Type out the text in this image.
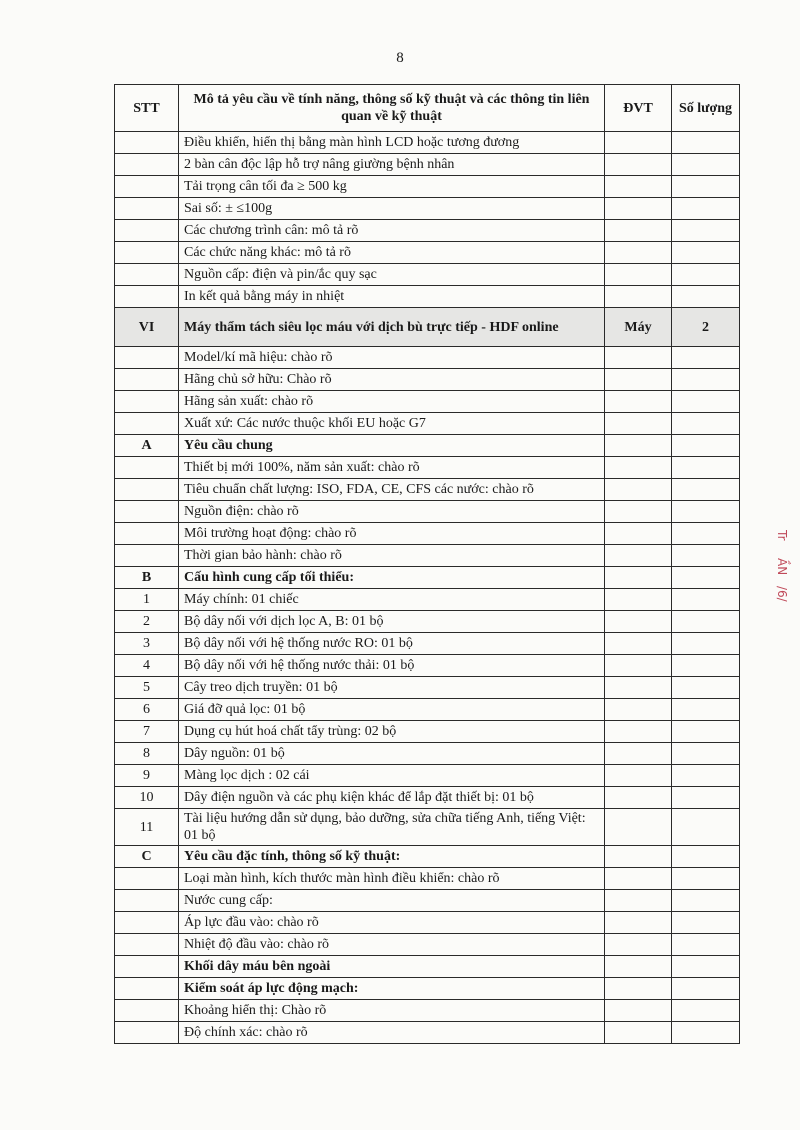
8
STT	Mô tả yêu cầu về tính năng, thông số kỹ thuật và các thông tin liên quan về kỹ thuật	ĐVT	Số lượng
	Điều khiển, hiển thị bằng màn hình LCD hoặc tương đương		
	2 bàn cân độc lập hỗ trợ nâng giường bệnh nhân		
	Tải trọng cân tối đa ≥ 500 kg		
	Sai số: ± ≤100g		
	Các chương trình cân: mô tả rõ		
	Các chức năng khác: mô tả rõ		
	Nguồn cấp: điện và pin/ắc quy sạc		
	In kết quả bằng máy in nhiệt		
VI	Máy thẩm tách siêu lọc máu với dịch bù trực tiếp - HDF online	Máy	2
	Model/kí mã hiệu: chào rõ		
	Hãng chủ sở hữu: Chào rõ		
	Hãng sản xuất: chào rõ		
	Xuất xứ: Các nước thuộc khối EU hoặc G7		
A	Yêu cầu chung		
	Thiết bị mới 100%, năm sản xuất: chào rõ		
	Tiêu chuẩn chất lượng: ISO, FDA, CE, CFS các nước: chào rõ		
	Nguồn điện: chào rõ		
	Môi trường hoạt động: chào rõ		
	Thời gian bảo hành: chào rõ		
B	Cấu hình cung cấp tối thiểu:		
1	Máy chính: 01 chiếc		
2	Bộ dây nối với dịch lọc A, B: 01 bộ		
3	Bộ dây nối với hệ thống nước RO: 01 bộ		
4	Bộ dây nối với hệ thống nước thải: 01 bộ		
5	Cây treo dịch truyền: 01 bộ		
6	Giá đỡ quả lọc: 01 bộ		
7	Dụng cụ hút hoá chất tẩy trùng: 02 bộ		
8	Dây nguồn: 01 bộ		
9	Màng lọc dịch : 02 cái		
10	Dây điện nguồn và các phụ kiện khác để lắp đặt thiết bị: 01 bộ		
11	Tài liệu hướng dẫn sử dụng, bảo dưỡng, sửa chữa tiếng Anh, tiếng Việt: 01 bộ		
C	Yêu cầu đặc tính, thông số kỹ thuật:		
	Loại màn hình, kích thước màn hình điều khiển: chào rõ		
	Nước cung cấp:		
	Áp lực đầu vào: chào rõ		
	Nhiệt độ đầu vào: chào rõ		
	Khối dây máu bên ngoài		
	Kiểm soát áp lực động mạch:		
	Khoảng hiển thị: Chào rõ		
	Độ chính xác: chào rõ		
Tr
ẦN
/6/
